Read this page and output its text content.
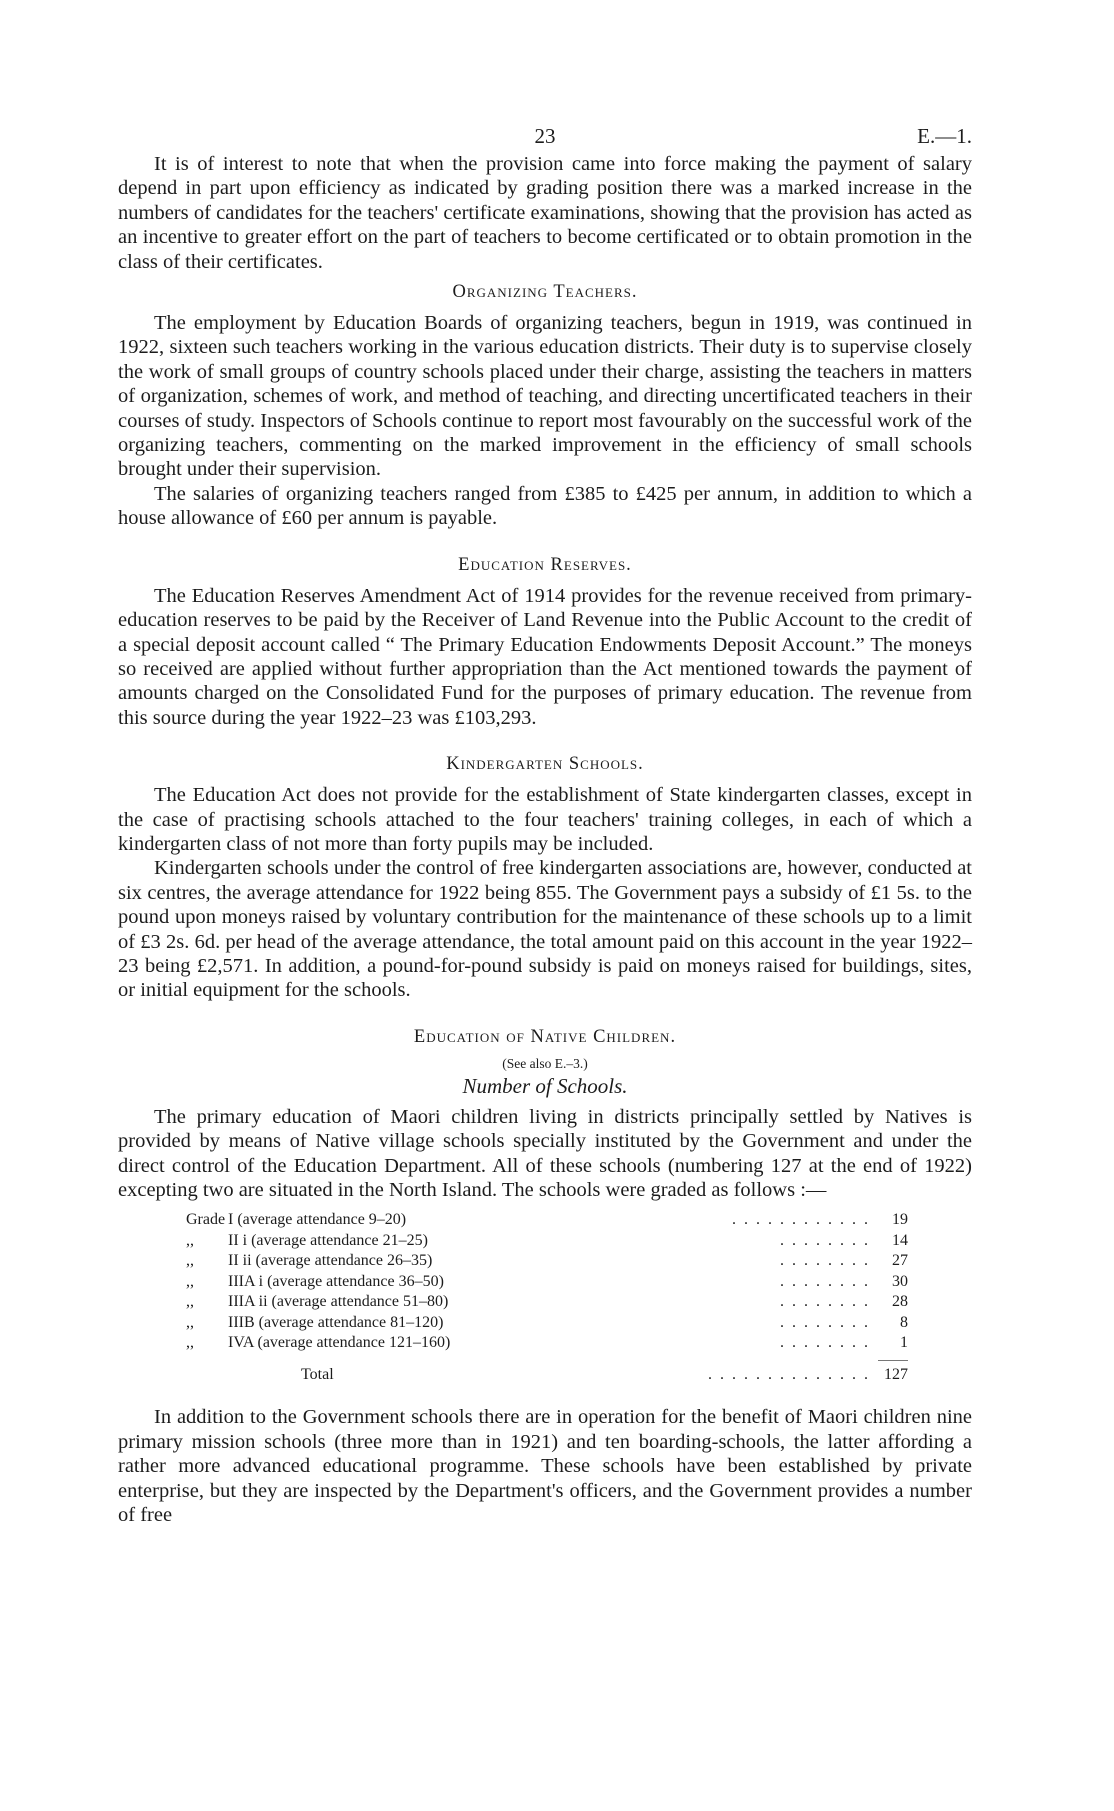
23	E.—1.

It is of interest to note that when the provision came into force making the payment of salary depend in part upon efficiency as indicated by grading position there was a marked increase in the numbers of candidates for the teachers' certificate examinations, showing that the provision has acted as an incentive to greater effort on the part of teachers to become certificated or to obtain promotion in the class of their certificates.

Organizing Teachers.

The employment by Education Boards of organizing teachers, begun in 1919, was continued in 1922, sixteen such teachers working in the various education districts. Their duty is to supervise closely the work of small groups of country schools placed under their charge, assisting the teachers in matters of organization, schemes of work, and method of teaching, and directing uncertificated teachers in their courses of study. Inspectors of Schools continue to report most favourably on the successful work of the organizing teachers, commenting on the marked improvement in the efficiency of small schools brought under their supervision.

The salaries of organizing teachers ranged from £385 to £425 per annum, in addition to which a house allowance of £60 per annum is payable.

Education Reserves.

The Education Reserves Amendment Act of 1914 provides for the revenue received from primary-education reserves to be paid by the Receiver of Land Revenue into the Public Account to the credit of a special deposit account called “ The Primary Education Endowments Deposit Account.” The moneys so received are applied without further appropriation than the Act mentioned towards the payment of amounts charged on the Consolidated Fund for the purposes of primary education. The revenue from this source during the year 1922–23 was £103,293.

Kindergarten Schools.

The Education Act does not provide for the establishment of State kindergarten classes, except in the case of practising schools attached to the four teachers' training colleges, in each of which a kindergarten class of not more than forty pupils may be included.

Kindergarten schools under the control of free kindergarten associations are, however, conducted at six centres, the average attendance for 1922 being 855. The Government pays a subsidy of £1 5s. to the pound upon moneys raised by voluntary contribution for the maintenance of these schools up to a limit of £3 2s. 6d. per head of the average attendance, the total amount paid on this account in the year 1922–23 being £2,571. In addition, a pound-for-pound subsidy is paid on moneys raised for buildings, sites, or initial equipment for the schools.

Education of Native Children.
(See also E.–3.)
Number of Schools.

The primary education of Maori children living in districts principally settled by Natives is provided by means of Native village schools specially instituted by the Government and under the direct control of the Education Department. All of these schools (numbering 127 at the end of 1922) excepting two are situated in the North Island. The schools were graded as follows :—

Grade I (average attendance 9–20)	. . . . . . . . . . . .	19
,,	II i (average attendance 21–25)	. . . . . . . .	14
,,	II ii (average attendance 26–35)	. . . . . . . .	27
,,	IIIA i (average attendance 36–50)	. . . . . . . .	30
,,	IIIA ii (average attendance 51–80)	. . . . . . . .	28
,,	IIIB (average attendance 81–120)	. . . . . . . .	8
,,	IVA (average attendance 121–160)	. . . . . . . .	1
Total	. . . . . . . . . . . . . . 127

In addition to the Government schools there are in operation for the benefit of Maori children nine primary mission schools (three more than in 1921) and ten boarding-schools, the latter affording a rather more advanced educational programme. These schools have been established by private enterprise, but they are inspected by the Department's officers, and the Government provides a number of free
